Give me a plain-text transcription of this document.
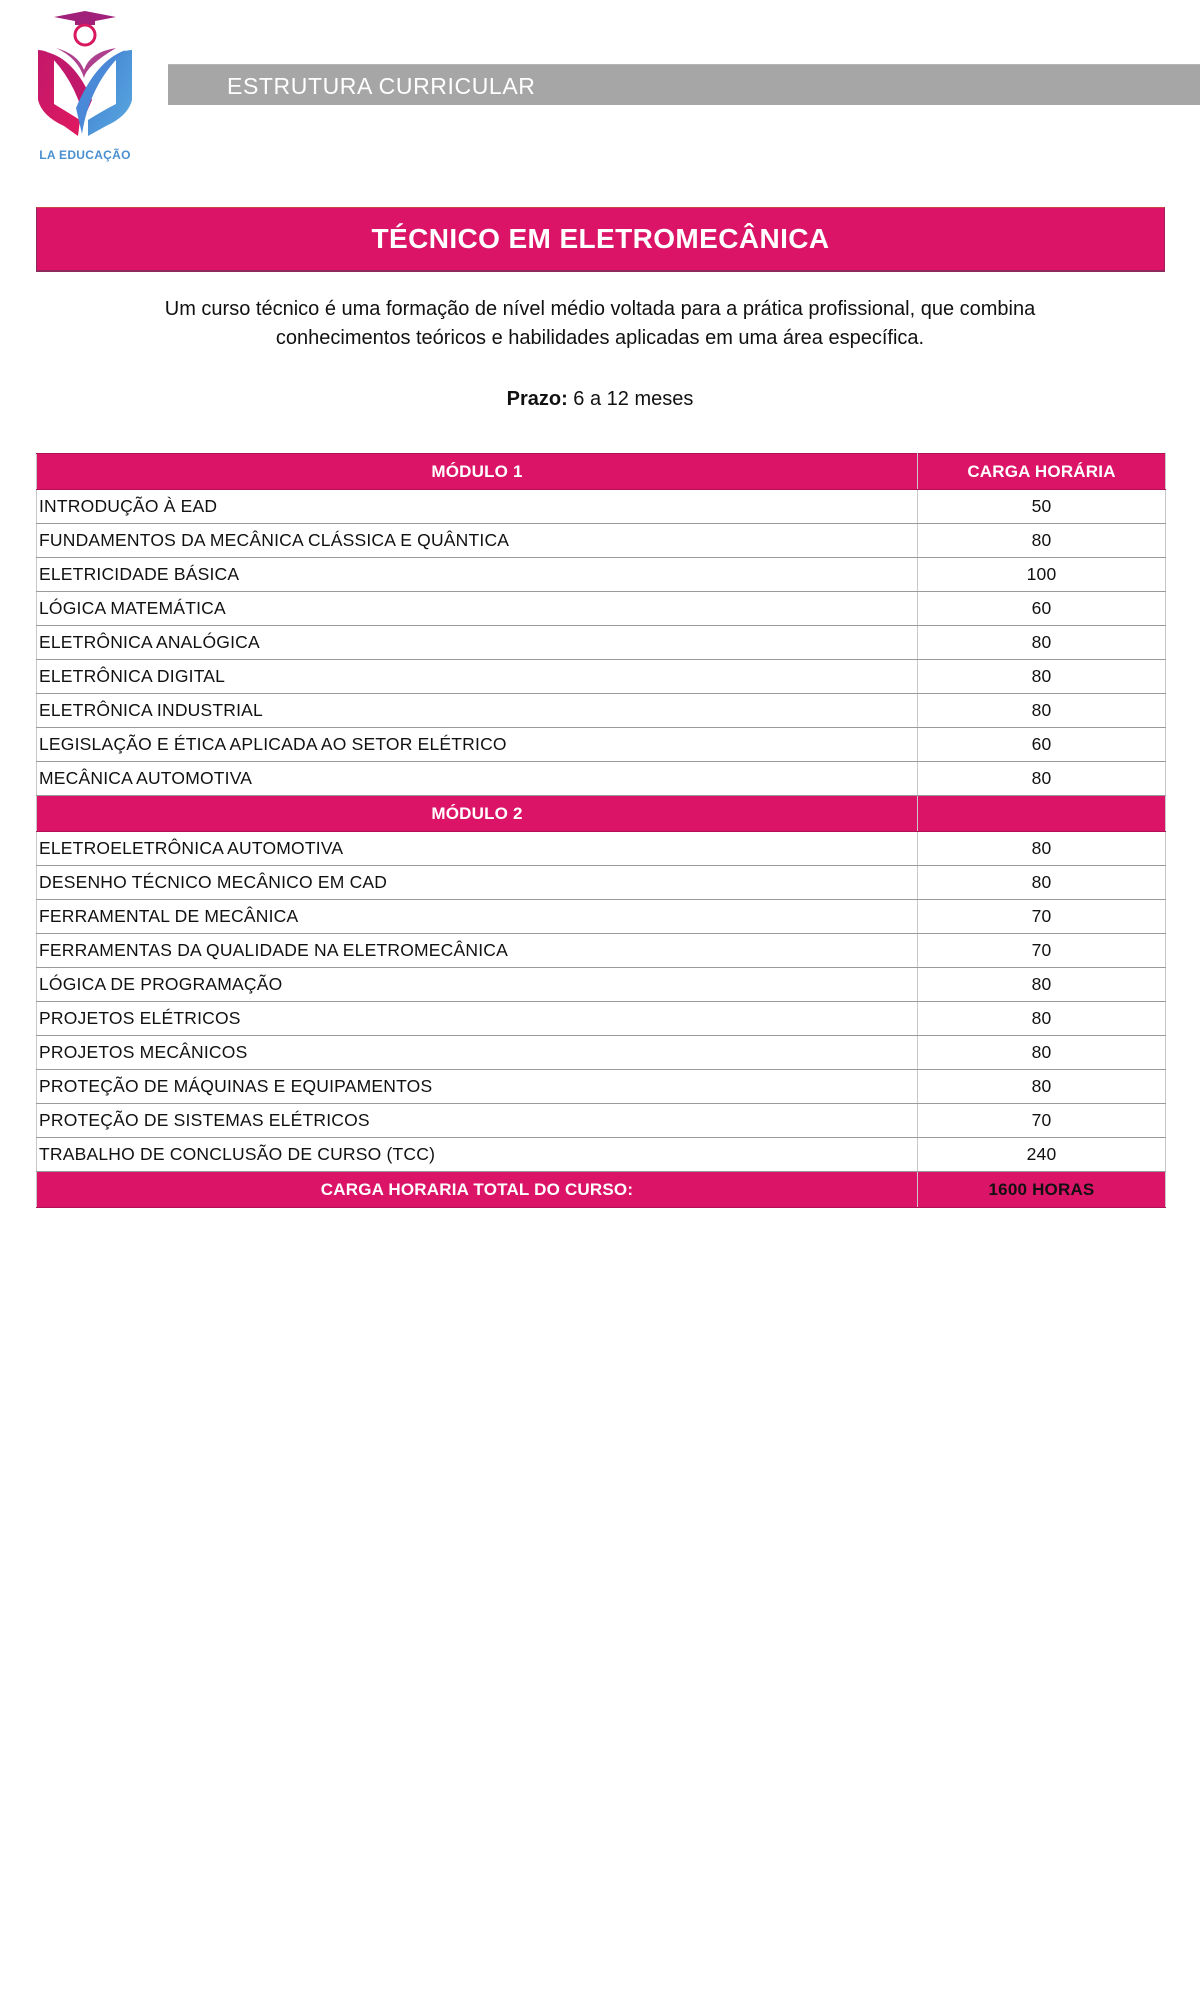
LA EDUCAÇÃO
ESTRUTURA CURRICULAR
TÉCNICO EM ELETROMECÂNICA
Um curso técnico é uma formação de nível médio voltada para a prática profissional, que combina
conhecimentos teóricos e habilidades aplicadas em uma área específica.
Prazo: 6 a 12 meses
MÓDULO 1	CARGA HORÁRIA
INTRODUÇÃO À EAD	50
FUNDAMENTOS DA MECÂNICA CLÁSSICA E QUÂNTICA	80
ELETRICIDADE BÁSICA	100
LÓGICA MATEMÁTICA	60
ELETRÔNICA ANALÓGICA	80
ELETRÔNICA DIGITAL	80
ELETRÔNICA INDUSTRIAL	80
LEGISLAÇÃO E ÉTICA APLICADA AO SETOR ELÉTRICO	60
MECÂNICA AUTOMOTIVA	80
MÓDULO 2	
ELETROELETRÔNICA AUTOMOTIVA	80
DESENHO TÉCNICO MECÂNICO EM CAD	80
FERRAMENTAL DE MECÂNICA	70
FERRAMENTAS DA QUALIDADE NA ELETROMECÂNICA	70
LÓGICA DE PROGRAMAÇÃO	80
PROJETOS ELÉTRICOS	80
PROJETOS MECÂNICOS	80
PROTEÇÃO DE MÁQUINAS E EQUIPAMENTOS	80
PROTEÇÃO DE SISTEMAS ELÉTRICOS	70
TRABALHO DE CONCLUSÃO DE CURSO (TCC)	240
CARGA HORARIA TOTAL DO CURSO:	1600 HORAS
